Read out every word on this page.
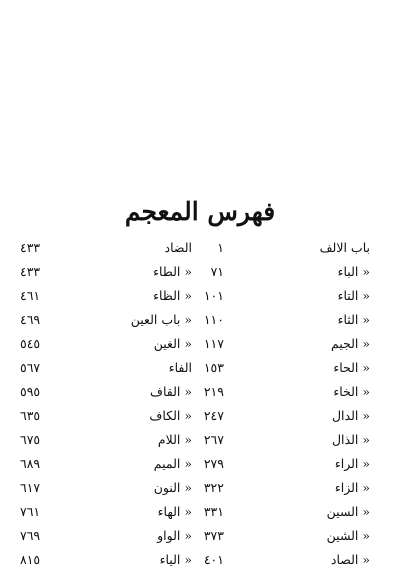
فهرس المعجم
باب الالف
١
الضاد
٤٣٣
« الباء
٧١
« الطاء
٤٣٣
« التاء
١٠١
« الظاء
٤٦١
« الثاء
١١٠
« باب العين
٤٦٩
« الجيم
١١٧
« الغين
٥٤٥
« الحاء
١٥٣
الفاء
٥٦٧
« الخاء
٢١٩
« القاف
٥٩٥
« الدال
٢٤٧
« الكاف
٦٣٥
« الذال
٢٦٧
« اللام
٦٧٥
« الراء
٢٧٩
« الميم
٦٨٩
« الزاء
٣٢٢
« النون
٦١٧
« السين
٣٣١
« الهاء
٧٦١
« الشين
٣٧٣
« الواو
٧٦٩
« الصاد
٤٠١
« الياء
٨١٥
